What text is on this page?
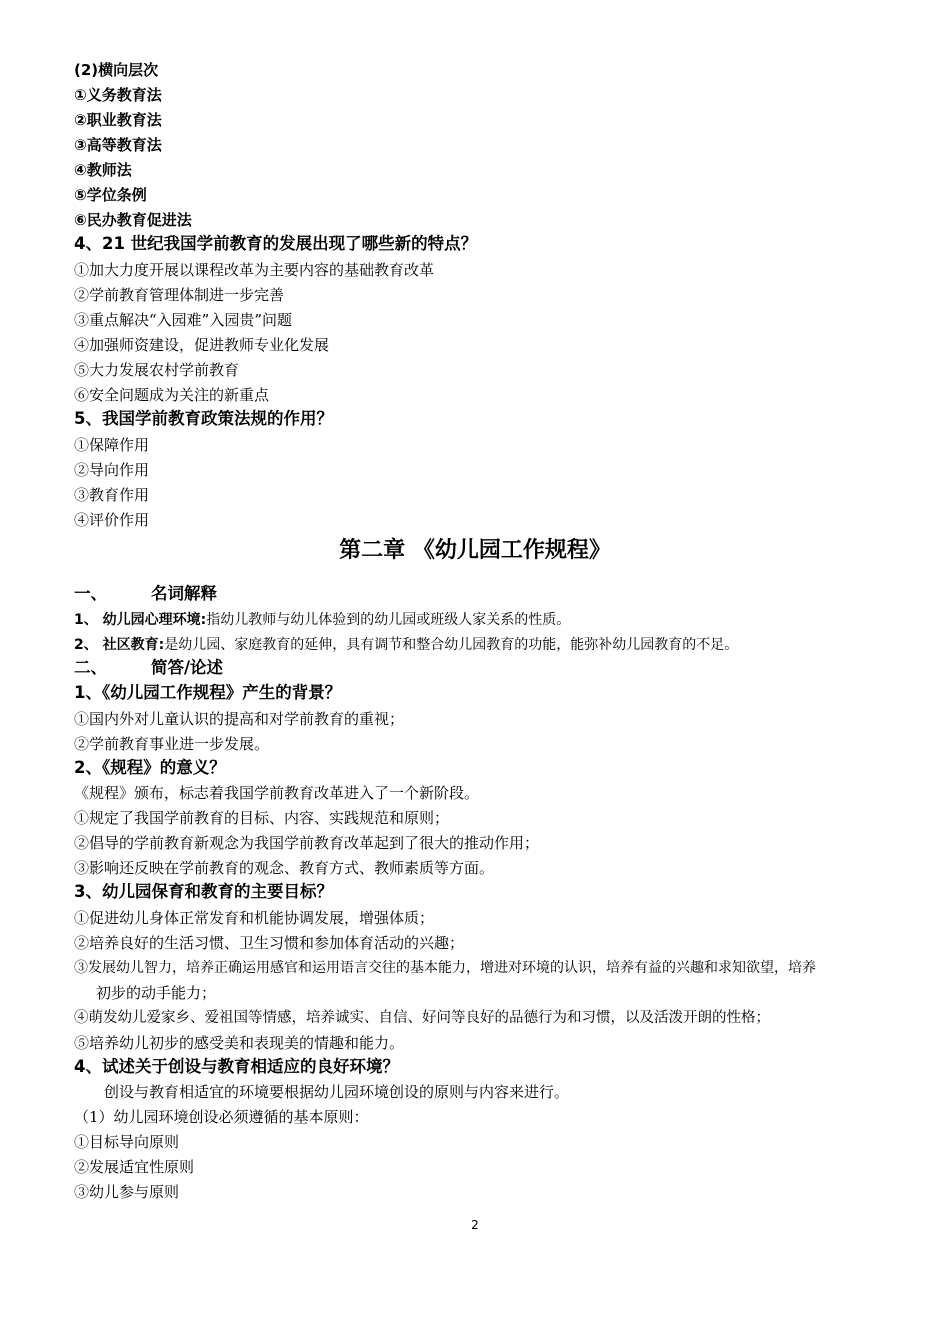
(2)横向层次
①义务教育法
②职业教育法
③高等教育法
④教师法
⑤学位条例
⑥民办教育促进法
4、21 世纪我国学前教育的发展出现了哪些新的特点？
①加大力度开展以课程改革为主要内容的基础教育改革
②学前教育管理体制进一步完善
③重点解决“入园难”入园贵”问题
④加强师资建设，促进教师专业化发展
⑤大力发展农村学前教育
⑥安全问题成为关注的新重点
5、我国学前教育政策法规的作用？
①保障作用
②导向作用
③教育作用
④评价作用
第二章 《幼儿园工作规程》
一、	名词解释
1、 幼儿园心理环境:指幼儿教师与幼儿体验到的幼儿园或班级人家关系的性质。
2、 社区教育:是幼儿园、家庭教育的延伸，具有调节和整合幼儿园教育的功能，能弥补幼儿园教育的不足。
二、	简答/论述
1、《幼儿园工作规程》产生的背景？
①国内外对儿童认识的提高和对学前教育的重视；
②学前教育事业进一步发展。
2、《规程》的意义？
《规程》颁布，标志着我国学前教育改革进入了一个新阶段。
①规定了我国学前教育的目标、内容、实践规范和原则；
②倡导的学前教育新观念为我国学前教育改革起到了很大的推动作用；
③影响还反映在学前教育的观念、教育方式、教师素质等方面。
3、幼儿园保育和教育的主要目标？
①促进幼儿身体正常发育和机能协调发展，增强体质；
②培养良好的生活习惯、卫生习惯和参加体育活动的兴趣；
③发展幼儿智力，培养正确运用感官和运用语言交往的基本能力，增进对环境的认识，培养有益的兴趣和求知欲望，培养
初步的动手能力；
④萌发幼儿爱家乡、爱祖国等情感，培养诚实、自信、好问等良好的品德行为和习惯，以及活泼开朗的性格；
⑤培养幼儿初步的感受美和表现美的情趣和能力。
4、试述关于创设与教育相适应的良好环境？
创设与教育相适宜的环境要根据幼儿园环境创设的原则与内容来进行。
（1）幼儿园环境创设必须遵循的基本原则：
①目标导向原则
②发展适宜性原则
③幼儿参与原则
2
